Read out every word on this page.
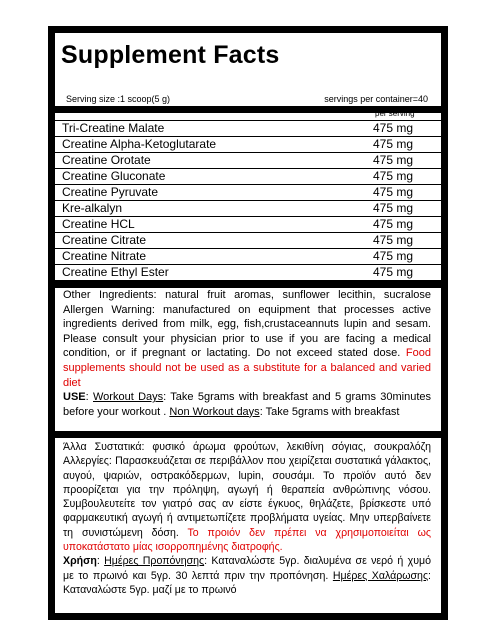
Supplement Facts
Serving size :1 scoop(5 g)	servings per container=40
per serving
Tri-Creatine Malate	475 mg
Creatine Alpha-Ketoglutarate	475 mg
Creatine Orotate	475 mg
Creatine Gluconate	475 mg
Creatine Pyruvate	475 mg
Kre-alkalyn	475 mg
Creatine HCL	475 mg
Creatine Citrate	475 mg
Creatine Nitrate	475 mg
Creatine Ethyl Ester	475 mg
Other Ingredients: natural fruit aromas, sunflower lecithin, sucralose Allergen Warning: manufactured on equipment that processes active ingredients derived from milk, egg, fish,crustaceannuts lupin and sesam. Please consult your physician prior to use if you are facing a medical condition, or if pregnant or lactating. Do not exceed stated dose. Food supplements should not be used as a substitute for a balanced and varied diet
USE: Workout Days: Take 5grams with breakfast and 5 grams 30minutes before your workout . Non Workout days: Take 5grams with breakfast
Άλλα Συστατικά: φυσικό άρωμα φρούτων, λεκιθίνη σόγιας, σουκραλόζη Αλλεργίες: Παρασκευάζεται σε περιβάλλον που χειρίζεται συστατικά γάλακτος, αυγού, ψαριών, οστρακόδερμων, lupin, σουσάμι. Το προϊόν αυτό δεν προορίζεται για την πρόληψη, αγωγή ή θεραπεία ανθρώπινης νόσου. Συμβουλευτείτε τον γιατρό σας αν είστε έγκυος, θηλάζετε, βρίσκεστε υπό φαρμακευτική αγωγή ή αντιμετωπίζετε προβλήματα υγείας. Μην υπερβαίνετε τη συνιστώμενη δόση. Το προιόν δεν πρέπει να χρησιμοποιείται ως υποκατάστατο μίας ισορροπημένης διατροφής.
Χρήση: Ημέρες Προπόνησης: Καταναλώστε 5γρ. διαλυμένα σε νερό ή χυμό με το πρωινό και 5γρ. 30 λεπτά πριν την προπόνηση. Ημέρες Χαλάρωσης: Καταναλώστε 5γρ. μαζί με το πρωινό
